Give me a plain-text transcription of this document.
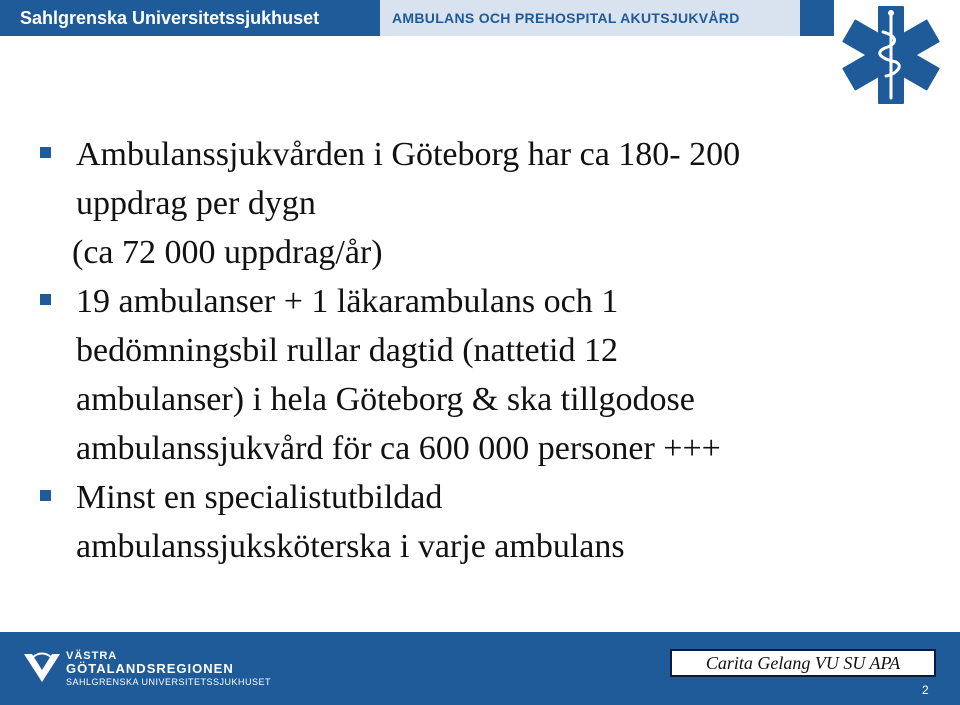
Sahlgrenska Universitetssjukhuset	AMBULANS OCH PREHOSPITAL AKUTSJUKVÅRD
Ambulanssjukvården i Göteborg har ca 180- 200
uppdrag per dygn
(ca 72 000 uppdrag/år)
19 ambulanser + 1 läkarambulans och 1
bedömningsbil rullar dagtid (nattetid 12
ambulanser) i hela Göteborg & ska tillgodose
ambulanssjukvård för ca 600 000 personer +++
Minst en specialistutbildad
ambulanssjuksköterska i varje ambulans
VÄSTRA
GÖTALANDSREGIONEN
SAHLGRENSKA UNIVERSITETSSJUKHUSET
Carita Gelang VU SU APA
2
